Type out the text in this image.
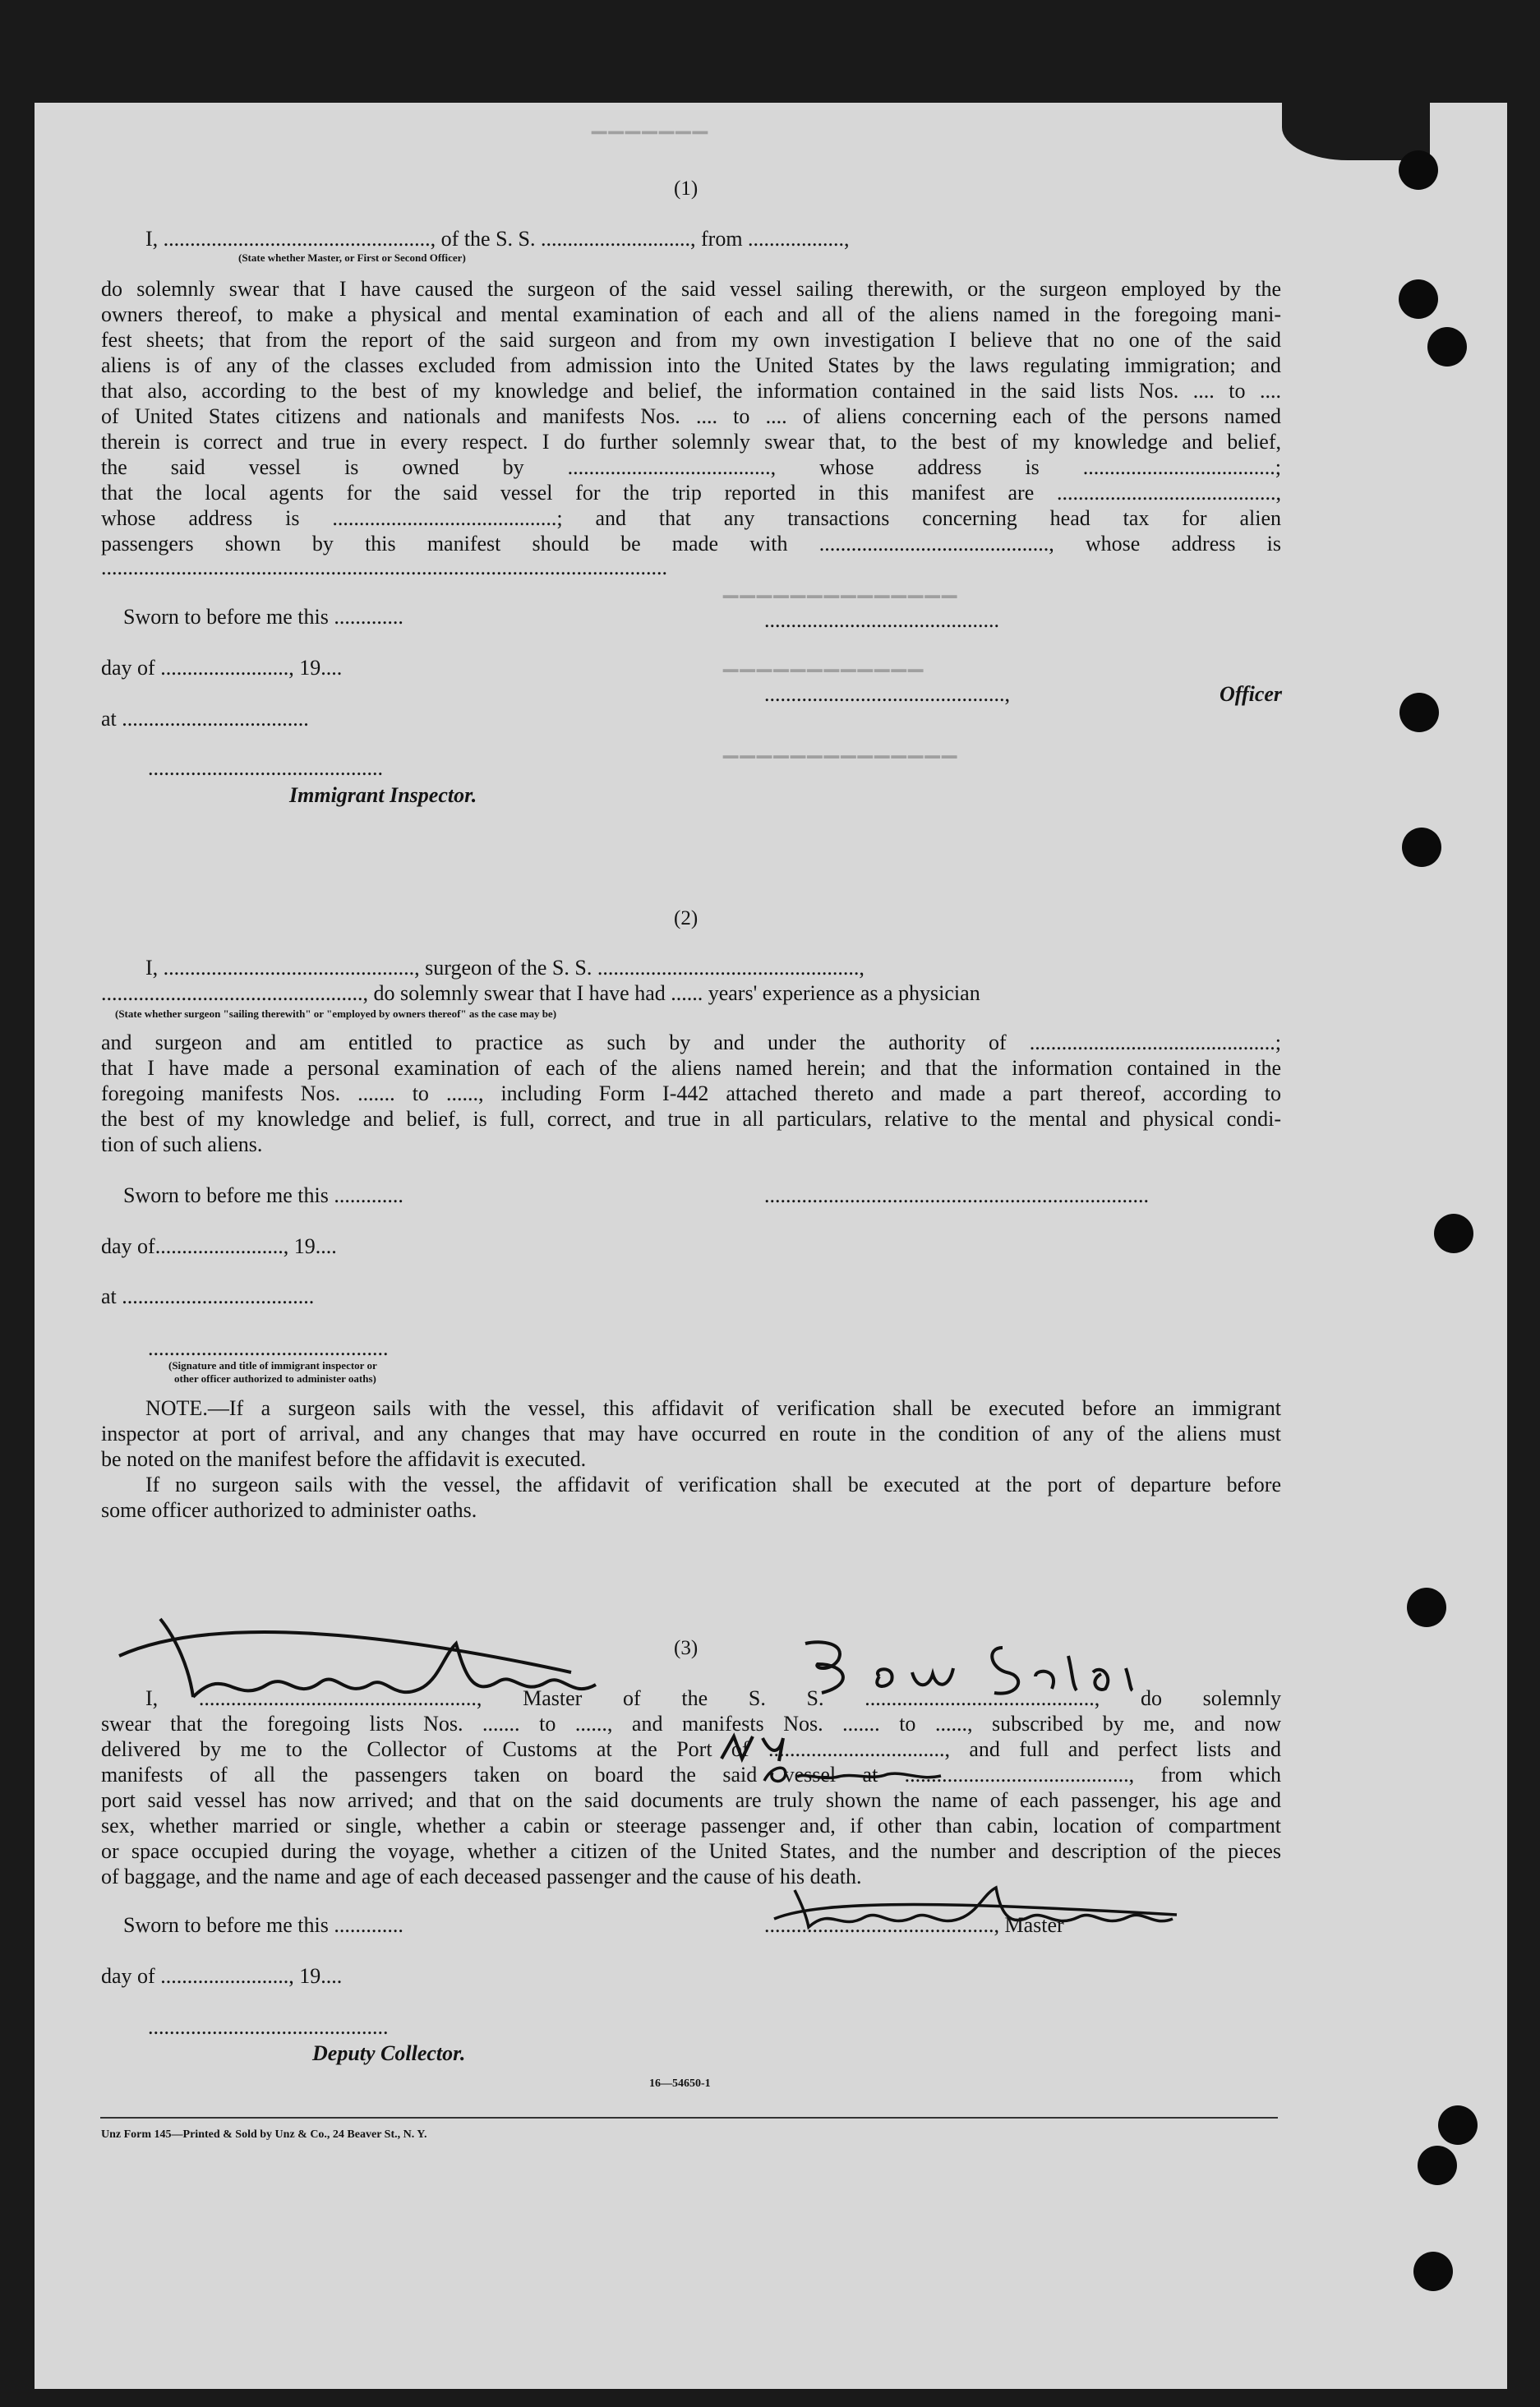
▔▔▔▔▔▔▔
▁▁▁▁▁▁▁▁▁▁▁▁▁▁
▁▁▁▁▁▁▁▁▁▁▁▁
▁▁▁▁▁▁▁▁▁▁▁▁▁▁
(1)
I, .................................................., of the S. S. ............................, from ..................,
(State whether Master, or First or Second Officer)
do solemnly swear that I have caused the surgeon of the said vessel sailing therewith, or the surgeon employed by the
owners thereof, to make a physical and mental examination of each and all of the aliens named in the foregoing mani-
fest sheets; that from the report of the said surgeon and from my own investigation I believe that no one of the said
aliens is of any of the classes excluded from admission into the United States by the laws regulating immigration; and
that also, according to the best of my knowledge and belief, the information contained in the said lists Nos. .... to ....
of United States citizens and nationals and manifests Nos. .... to .... of aliens concerning each of the persons named
therein is correct and true in every respect. I do further solemnly swear that, to the best of my knowledge and belief,
the said vessel is owned by ......................................, whose address is ....................................;
that the local agents for the said vessel for the trip reported in this manifest are .........................................,
whose address is ..........................................; and that any transactions concerning head tax for alien
passengers shown by this manifest should be made with ..........................................., whose address is
..........................................................................................................
Sworn to before me this .............
day of ........................, 19....
at ...................................
............................................
Immigrant Inspector.
............................................
.............................................,	Officer
(2)
I, ..............................................., surgeon of the S. S. .................................................,
................................................., do solemnly swear that I have had ...... years' experience as a physician
(State whether surgeon "sailing therewith" or "employed by owners thereof" as the case may be)
and surgeon and am entitled to practice as such by and under the authority of ..............................................;
that I have made a personal examination of each of the aliens named herein; and that the information contained in the
foregoing manifests Nos. ....... to ......, including Form I-442 attached thereto and made a part thereof, according to
the best of my knowledge and belief, is full, correct, and true in all particulars, relative to the mental and physical condi-
tion of such aliens.
Sworn to before me this .............	........................................................................
day of........................, 19....
at ....................................
.............................................
(Signature and title of immigrant inspector or
other officer authorized to administer oaths)
NOTE.—If a surgeon sails with the vessel, this affidavit of verification shall be executed before an immigrant
inspector at port of arrival, and any changes that may have occurred en route in the condition of any of the aliens must
be noted on the manifest before the affidavit is executed.
If no surgeon sails with the vessel, the affidavit of verification shall be executed at the port of departure before
some officer authorized to administer oaths.
(3)
I, ...................................................., Master of the S. S. ..........................................., do solemnly
swear that the foregoing lists Nos. ....... to ......, and manifests Nos. ....... to ......, subscribed by me, and now
delivered by me to the Collector of Customs at the Port of ................................., and full and perfect lists and
manifests of all the passengers taken on board the said vessel at .........................................., from which
port said vessel has now arrived; and that on the said documents are truly shown the name of each passenger, his age and
sex, whether married or single, whether a cabin or steerage passenger and, if other than cabin, location of compartment
or space occupied during the voyage, whether a citizen of the United States, and the number and description of the pieces
of baggage, and the name and age of each deceased passenger and the cause of his death.
Sworn to before me this .............	..........................................., Master
day of ........................, 19....
.............................................
Deputy Collector.
16—54650-1
Unz Form 145—Printed & Sold by Unz & Co., 24 Beaver St., N. Y.
